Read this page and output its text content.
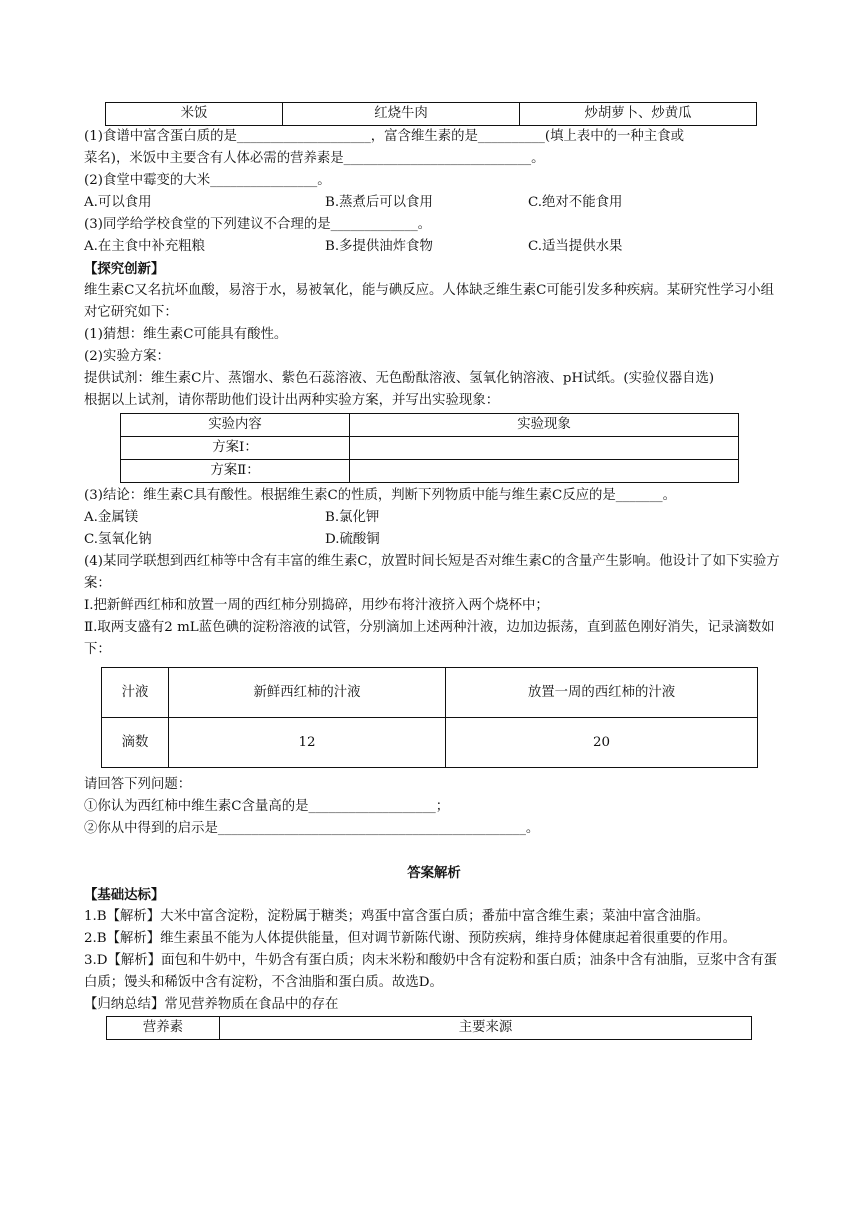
米饭	红烧牛肉	炒胡萝卜、炒黄瓜
(1)食谱中富含蛋白质的是____________________，富含维生素的是__________(填上表中的一种主食或
菜名)，米饭中主要含有人体必需的营养素是____________________________。
(2)食堂中霉变的大米________________。
A.可以食用	B.蒸煮后可以食用	C.绝对不能食用
(3)同学给学校食堂的下列建议不合理的是_____________。
A.在主食中补充粗粮	B.多提供油炸食物	C.适当提供水果
【探究创新】
维生素C又名抗坏血酸，易溶于水，易被氧化，能与碘反应。人体缺乏维生素C可能引发多种疾病。某研究性学习小组对它研究如下：
(1)猜想：维生素C可能具有酸性。
(2)实验方案：
提供试剂：维生素C片、蒸馏水、紫色石蕊溶液、无色酚酞溶液、氢氧化钠溶液、pH试纸。(实验仪器自选)
根据以上试剂，请你帮助他们设计出两种实验方案，并写出实验现象：
实验内容	实验现象
方案Ⅰ：	
方案Ⅱ：	
(3)结论：维生素C具有酸性。根据维生素C的性质，判断下列物质中能与维生素C反应的是_______。
A.金属镁	B.氯化钾
C.氢氧化钠	D.硫酸铜
(4)某同学联想到西红柿等中含有丰富的维生素C，放置时间长短是否对维生素C的含量产生影响。他设计了如下实验方案：
Ⅰ.把新鲜西红柿和放置一周的西红柿分别捣碎，用纱布将汁液挤入两个烧杯中；
Ⅱ.取两支盛有2 mL蓝色碘的淀粉溶液的试管，分别滴加上述两种汁液，边加边振荡，直到蓝色刚好消失，记录滴数如下：
汁液	新鲜西红柿的汁液	放置一周的西红柿的汁液
滴数	12	20
请回答下列问题：
①你认为西红柿中维生素C含量高的是___________________；
②你从中得到的启示是______________________________________________。
答案解析
【基础达标】
1.B【解析】大米中富含淀粉，淀粉属于糖类；鸡蛋中富含蛋白质；番茄中富含维生素；菜油中富含油脂。
2.B【解析】维生素虽不能为人体提供能量，但对调节新陈代谢、预防疾病，维持身体健康起着很重要的作用。
3.D【解析】面包和牛奶中，牛奶含有蛋白质；肉末米粉和酸奶中含有淀粉和蛋白质；油条中含有油脂，豆浆中含有蛋白质；馒头和稀饭中含有淀粉，不含油脂和蛋白质。故选D。
【归纳总结】常见营养物质在食品中的存在
营养素	主要来源
